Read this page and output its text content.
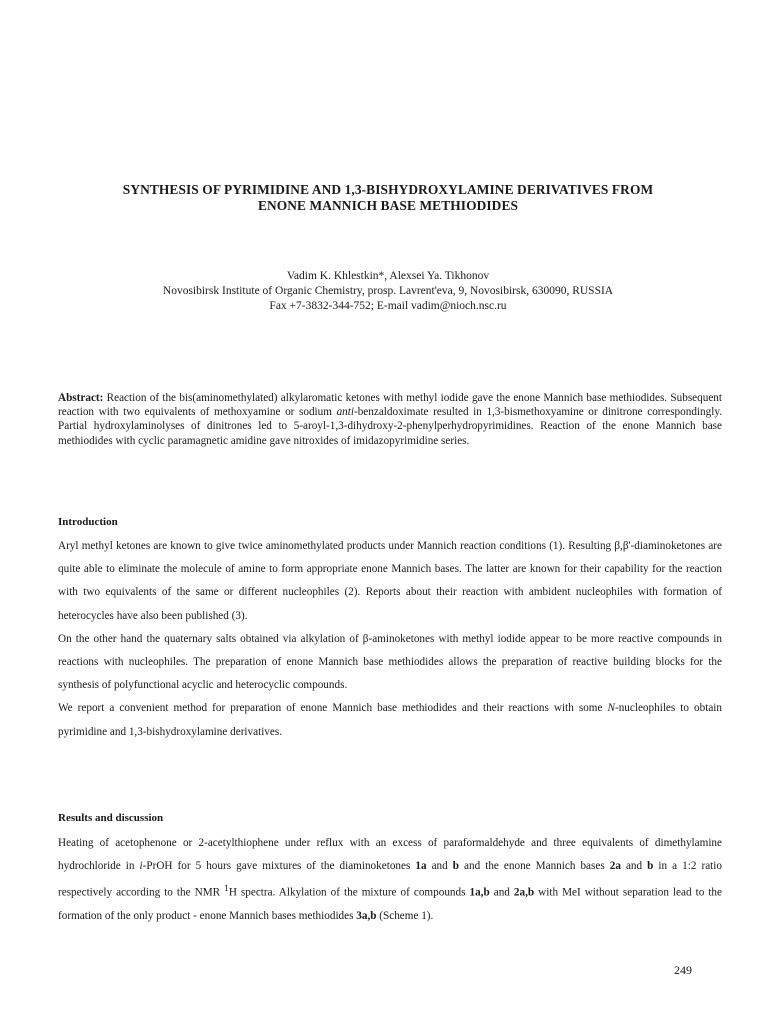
SYNTHESIS OF PYRIMIDINE AND 1,3-BISHYDROXYLAMINE DERIVATIVES FROM
ENONE MANNICH BASE METHIODIDES
Vadim K. Khlestkin*, Alexsei Ya. Tikhonov
Novosibirsk Institute of Organic Chemistry, prosp. Lavrent'eva, 9, Novosibirsk, 630090, RUSSIA
Fax +7-3832-344-752; E-mail vadim@nioch.nsc.ru
Abstract: Reaction of the bis(aminomethylated) alkylaromatic ketones with methyl iodide gave the enone Mannich base methiodides. Subsequent reaction with two equivalents of methoxyamine or sodium anti-benzaldoximate resulted in 1,3-bismethoxyamine or dinitrone correspondingly. Partial hydroxylaminolyses of dinitrones led to 5-aroyl-1,3-dihydroxy-2-phenylperhydropyrimidines. Reaction of the enone Mannich base methiodides with cyclic paramagnetic amidine gave nitroxides of imidazopyrimidine series.
Introduction

Aryl methyl ketones are known to give twice aminomethylated products under Mannich reaction conditions (1). Resulting β,β'-diaminoketones are quite able to eliminate the molecule of amine to form appropriate enone Mannich bases. The latter are known for their capability for the reaction with two equivalents of the same or different nucleophiles (2). Reports about their reaction with ambident nucleophiles with formation of heterocycles have also been published (3).

On the other hand the quaternary salts obtained via alkylation of β-aminoketones with methyl iodide appear to be more reactive compounds in reactions with nucleophiles. The preparation of enone Mannich base methiodides allows the preparation of reactive building blocks for the synthesis of polyfunctional acyclic and heterocyclic compounds.

We report a convenient method for preparation of enone Mannich base methiodides and their reactions with some N-nucleophiles to obtain pyrimidine and 1,3-bishydroxylamine derivatives.

Results and discussion

Heating of acetophenone or 2-acetylthiophene under reflux with an excess of paraformaldehyde and three equivalents of dimethylamine hydrochloride in i-PrOH for 5 hours gave mixtures of the diaminoketones 1a and b and the enone Mannich bases 2a and b in a 1:2 ratio respectively according to the NMR $^1$H spectra. Alkylation of the mixture of compounds 1a,b and 2a,b with MeI without separation lead to the formation of the only product - enone Mannich bases methiodides 3a,b (Scheme 1).

249
